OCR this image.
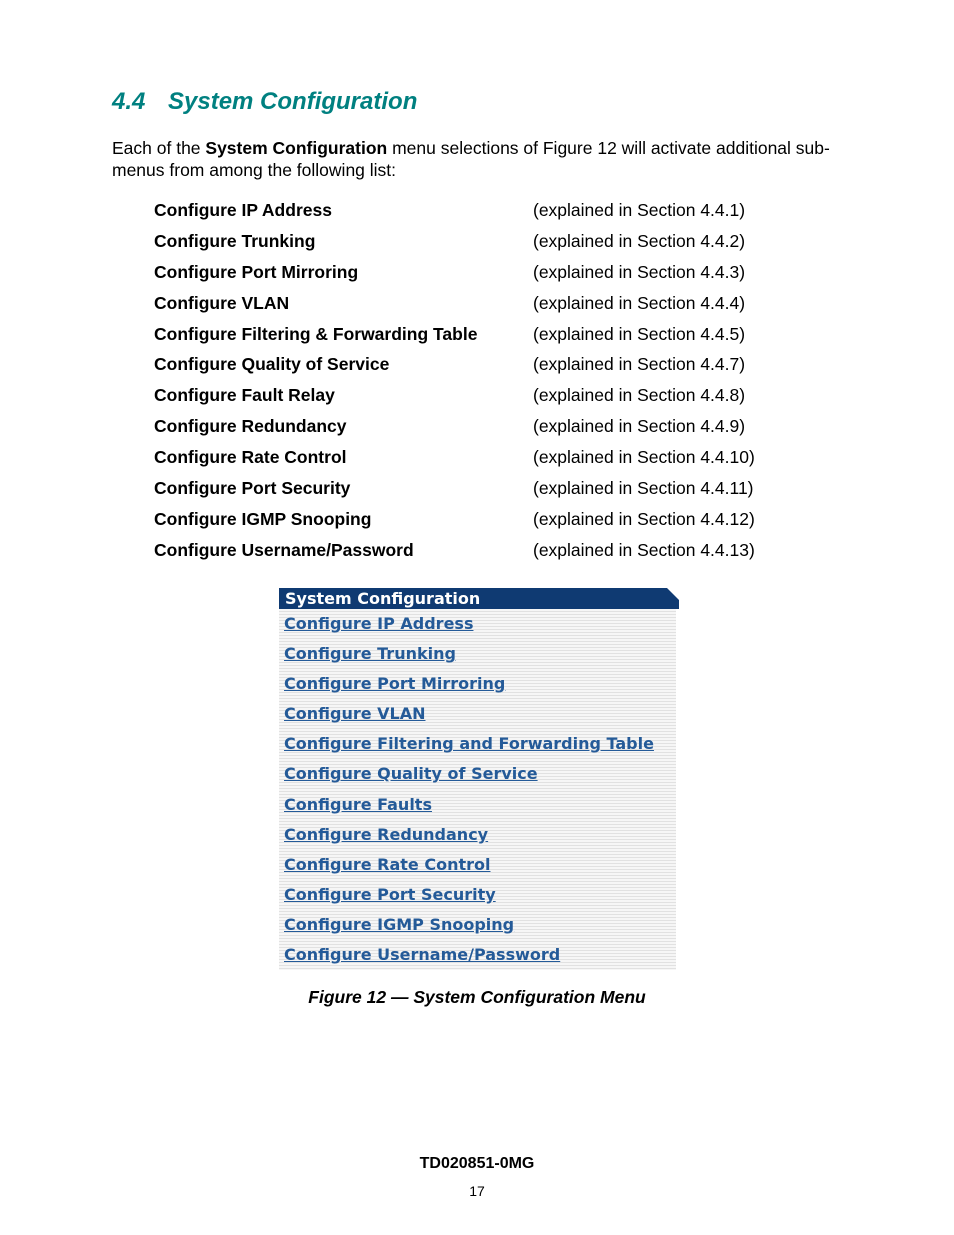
4.4 System Configuration

Each of the System Configuration menu selections of Figure 12 will activate additional sub-menus from among the following list:

Configure IP Address	(explained in Section 4.4.1)
Configure Trunking	(explained in Section 4.4.2)
Configure Port Mirroring	(explained in Section 4.4.3)
Configure VLAN	(explained in Section 4.4.4)
Configure Filtering & Forwarding Table	(explained in Section 4.4.5)
Configure Quality of Service	(explained in Section 4.4.7)
Configure Fault Relay	(explained in Section 4.4.8)
Configure Redundancy	(explained in Section 4.4.9)
Configure Rate Control	(explained in Section 4.4.10)
Configure Port Security	(explained in Section 4.4.11)
Configure IGMP Snooping	(explained in Section 4.4.12)
Configure Username/Password	(explained in Section 4.4.13)
System Configuration
Configure IP Address
Configure Trunking
Configure Port Mirroring
Configure VLAN
Configure Filtering and Forwarding Table
Configure Quality of Service
Configure Faults
Configure Redundancy
Configure Rate Control
Configure Port Security
Configure IGMP Snooping
Configure Username/Password

Figure 12 — System Configuration Menu

TD020851-0MG
17
